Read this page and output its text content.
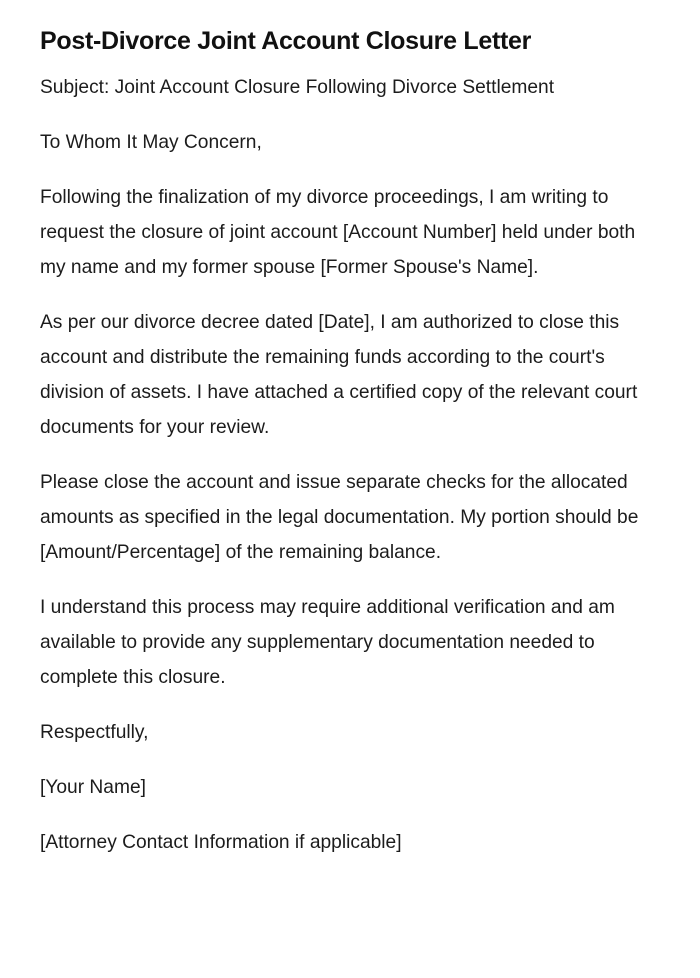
Post-Divorce Joint Account Closure Letter

Subject: Joint Account Closure Following Divorce Settlement

To Whom It May Concern,

Following the finalization of my divorce proceedings, I am writing to request the closure of joint account [Account Number] held under both my name and my former spouse [Former Spouse's Name].

As per our divorce decree dated [Date], I am authorized to close this account and distribute the remaining funds according to the court's division of assets. I have attached a certified copy of the relevant court documents for your review.

Please close the account and issue separate checks for the allocated amounts as specified in the legal documentation. My portion should be [Amount/Percentage] of the remaining balance.

I understand this process may require additional verification and am available to provide any supplementary documentation needed to complete this closure.

Respectfully,

[Your Name]

[Attorney Contact Information if applicable]
